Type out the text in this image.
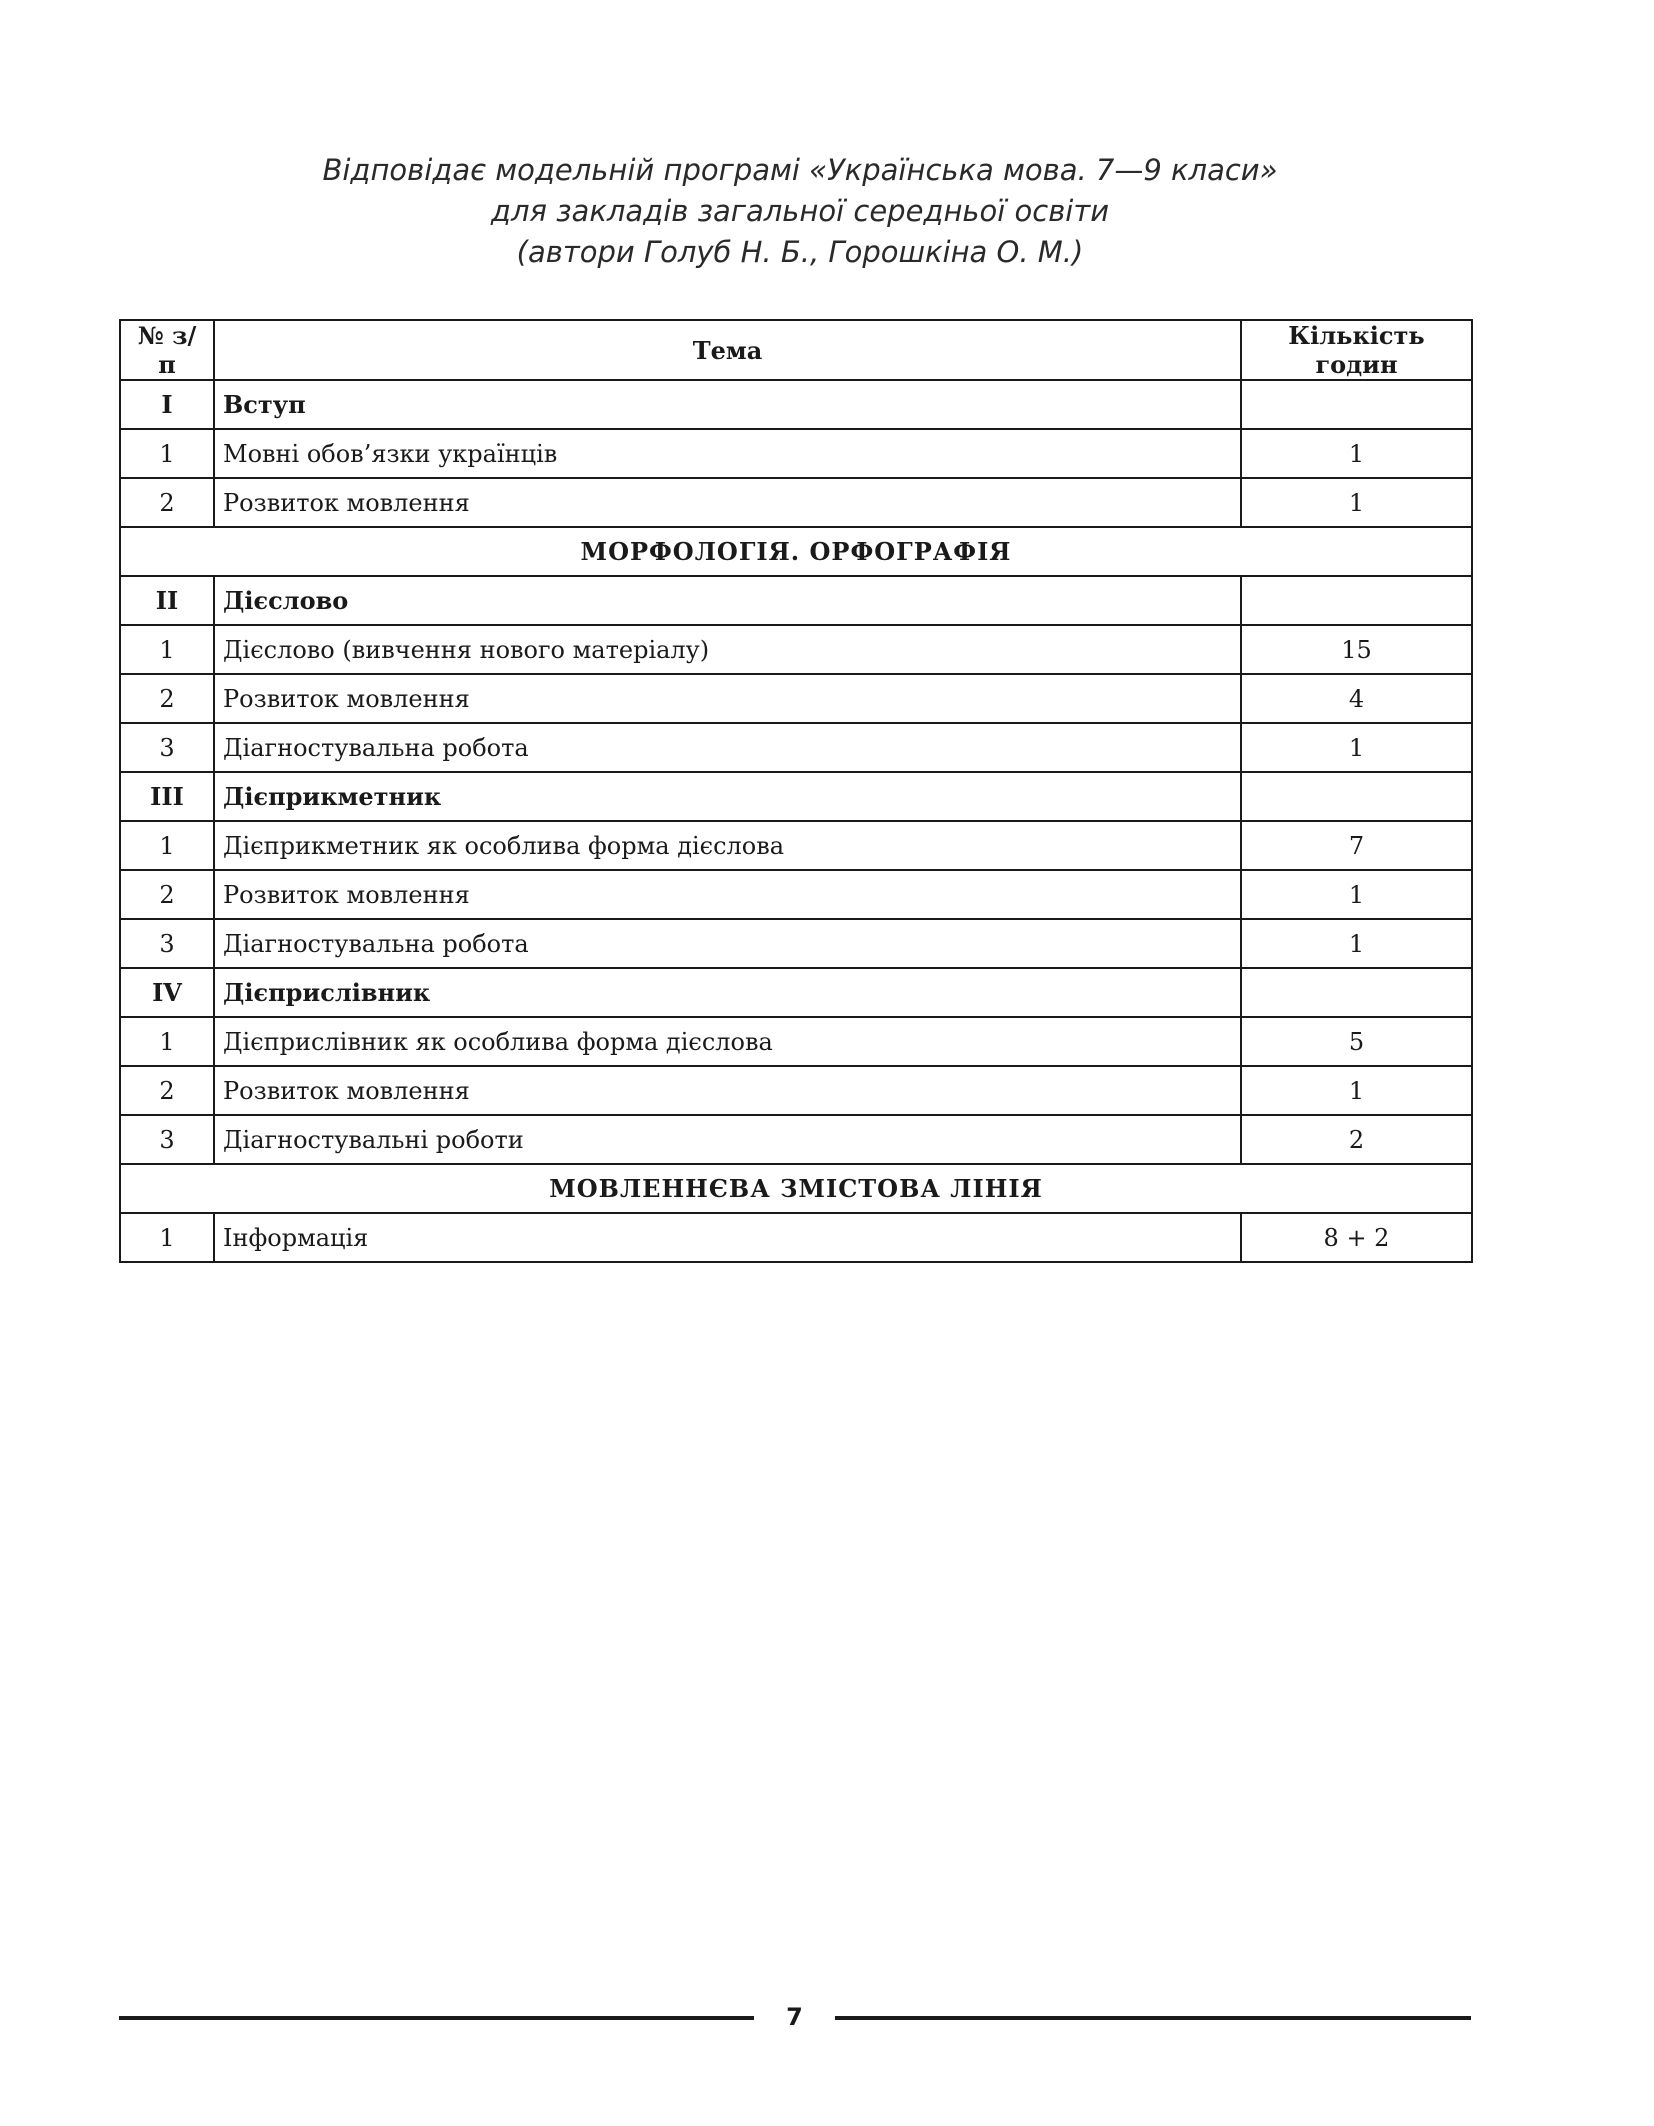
Відповідає модельній програмі «Українська мова. 7—9 класи»
для закладів загальної середньої освіти
(автори Голуб Н. Б., Горошкіна О. М.)
№ з/п	Тема	Кількість годин
I	Вступ	
1	Мовні обов’язки українців	1
2	Розвиток мовлення	1
МОРФОЛОГІЯ. ОРФОГРАФІЯ		
II	Дієслово	
1	Дієслово (вивчення нового матеріалу)	15
2	Розвиток мовлення	4
3	Діагностувальна робота	1
III	Дієприкметник	
1	Дієприкметник як особлива форма дієслова	7
2	Розвиток мовлення	1
3	Діагностувальна робота	1
IV	Дієприслівник	
1	Дієприслівник як особлива форма дієслова	5
2	Розвиток мовлення	1
3	Діагностувальні роботи	2
МОВЛЕННЄВА ЗМІСТОВА ЛІНІЯ		
1	Інформація	8 + 2
7
